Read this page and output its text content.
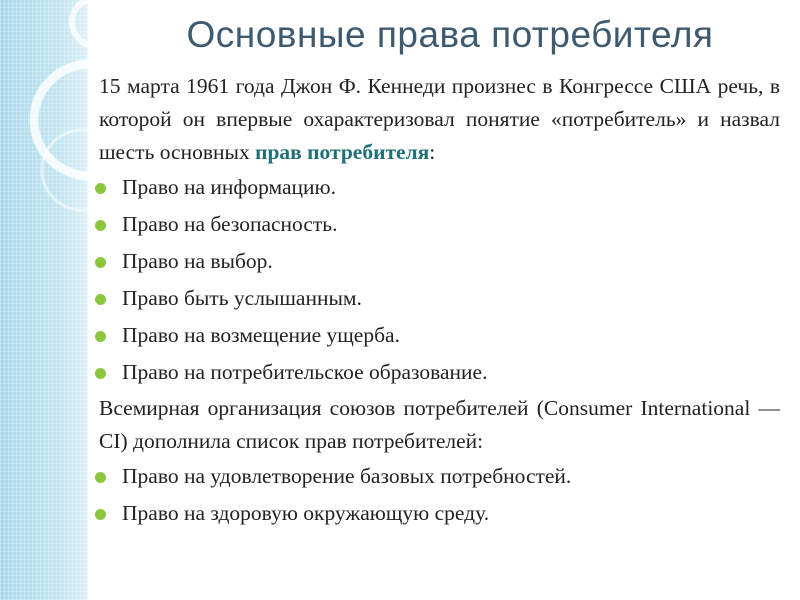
Основные права потребителя

15 марта 1961 года Джон Ф. Кеннеди произнес в Конгрессе США речь, в которой он впервые охарактеризовал понятие «потребитель» и назвал шесть основных прав потребителя:

Право на информацию.
Право на безопасность.
Право на выбор.
Право быть услышанным.
Право на возмещение ущерба.
Право на потребительское образование.

Всемирная организация союзов потребителей (Consumer International — CI) дополнила список прав потребителей:

Право на удовлетворение базовых потребностей.
Право на здоровую окружающую среду.
